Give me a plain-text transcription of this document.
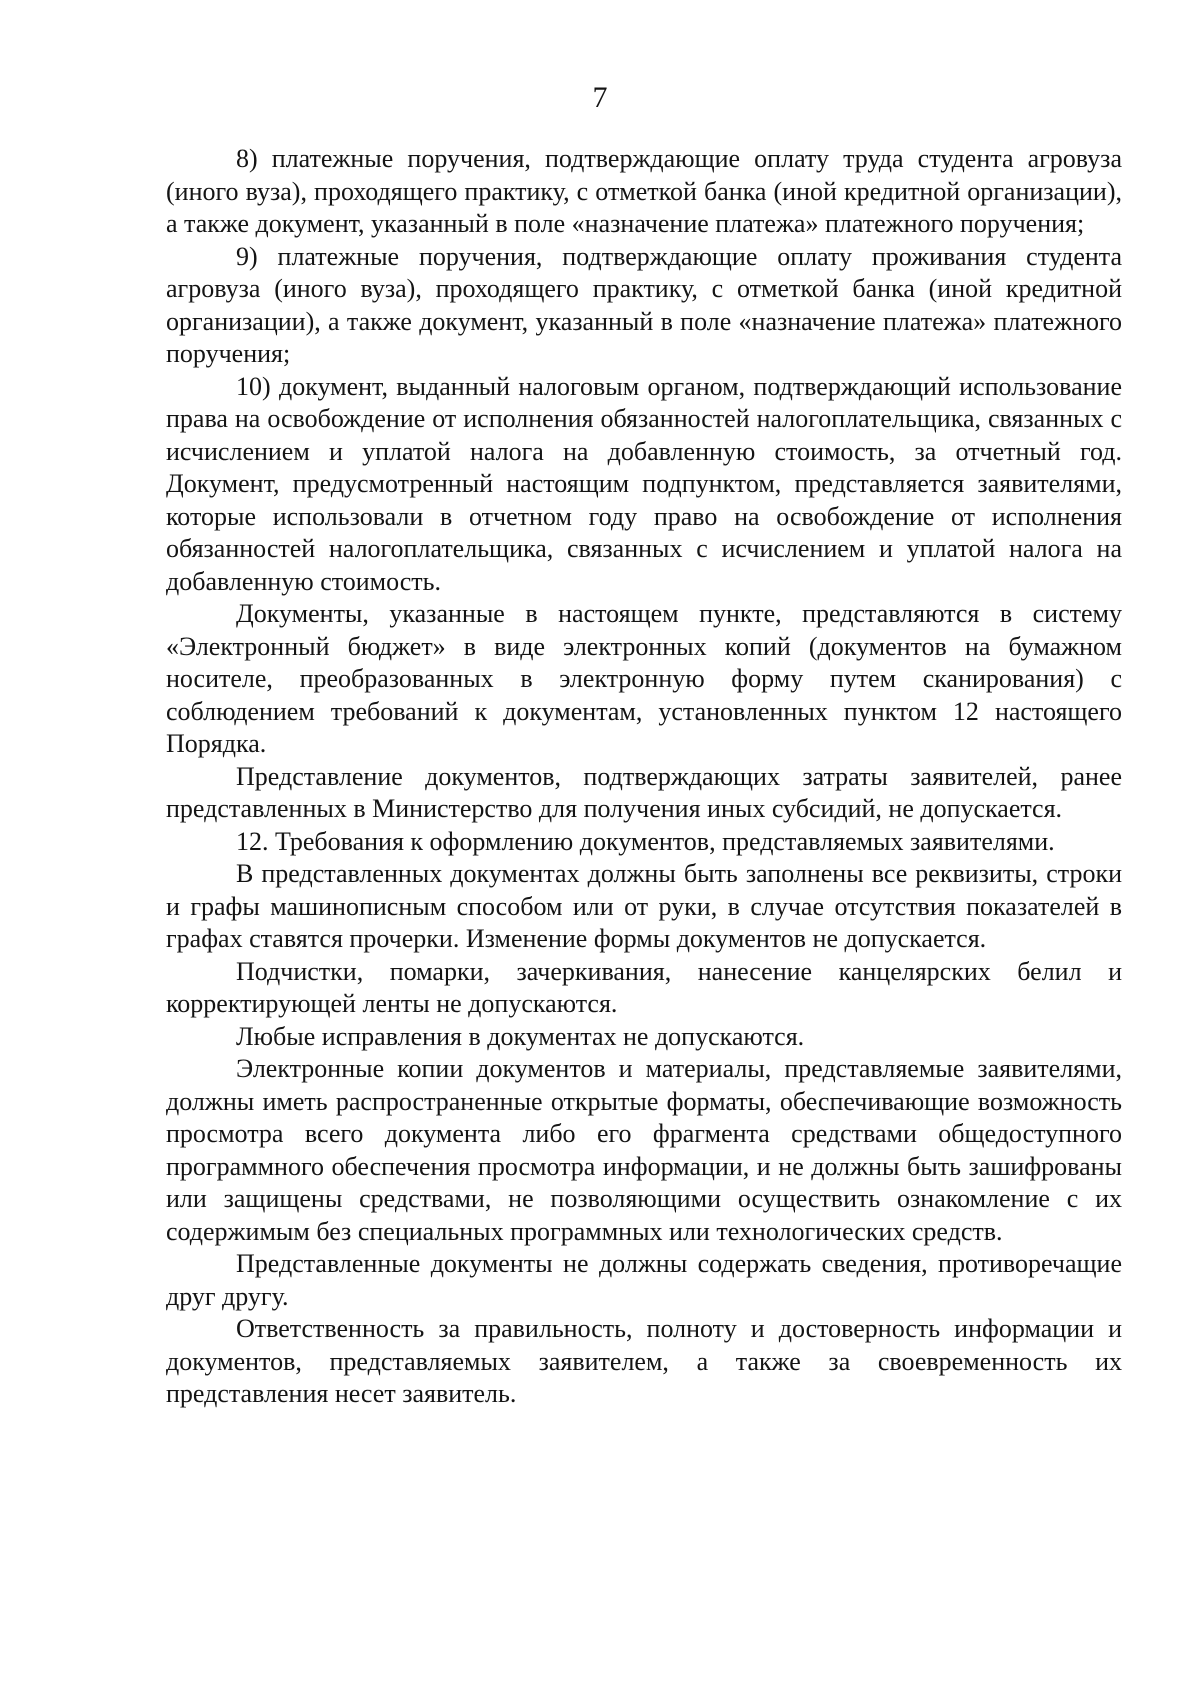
7

8) платежные поручения, подтверждающие оплату труда студента агровуза (иного вуза), проходящего практику, с отметкой банка (иной кредитной организации), а также документ, указанный в поле «назначение платежа» платежного поручения;

9) платежные поручения, подтверждающие оплату проживания студента агровуза (иного вуза), проходящего практику, с отметкой банка (иной кредитной организации), а также документ, указанный в поле «назначение платежа» платежного поручения;

10) документ, выданный налоговым органом, подтверждающий использование права на освобождение от исполнения обязанностей налогоплательщика, связанных с исчислением и уплатой налога на добавленную стоимость, за отчетный год. Документ, предусмотренный настоящим подпунктом, представляется заявителями, которые использовали в отчетном году право на освобождение от исполнения обязанностей налогоплательщика, связанных с исчислением и уплатой налога на добавленную стоимость.

Документы, указанные в настоящем пункте, представляются в систему «Электронный бюджет» в виде электронных копий (документов на бумажном носителе, преобразованных в электронную форму путем сканирования) с соблюдением требований к документам, установленных пунктом 12 настоящего Порядка.

Представление документов, подтверждающих затраты заявителей, ранее представленных в Министерство для получения иных субсидий, не допускается.

12. Требования к оформлению документов, представляемых заявителями.

В представленных документах должны быть заполнены все реквизиты, строки и графы машинописным способом или от руки, в случае отсутствия показателей в графах ставятся прочерки. Изменение формы документов не допускается.

Подчистки, помарки, зачеркивания, нанесение канцелярских белил и корректирующей ленты не допускаются.

Любые исправления в документах не допускаются.

Электронные копии документов и материалы, представляемые заявителями, должны иметь распространенные открытые форматы, обеспечивающие возможность просмотра всего документа либо его фрагмента средствами общедоступного программного обеспечения просмотра информации, и не должны быть зашифрованы или защищены средствами, не позволяющими осуществить ознакомление с их содержимым без специальных программных или технологических средств.

Представленные документы не должны содержать сведения, противоречащие друг другу.

Ответственность за правильность, полноту и достоверность информации и документов, представляемых заявителем, а также за своевременность их представления несет заявитель.
